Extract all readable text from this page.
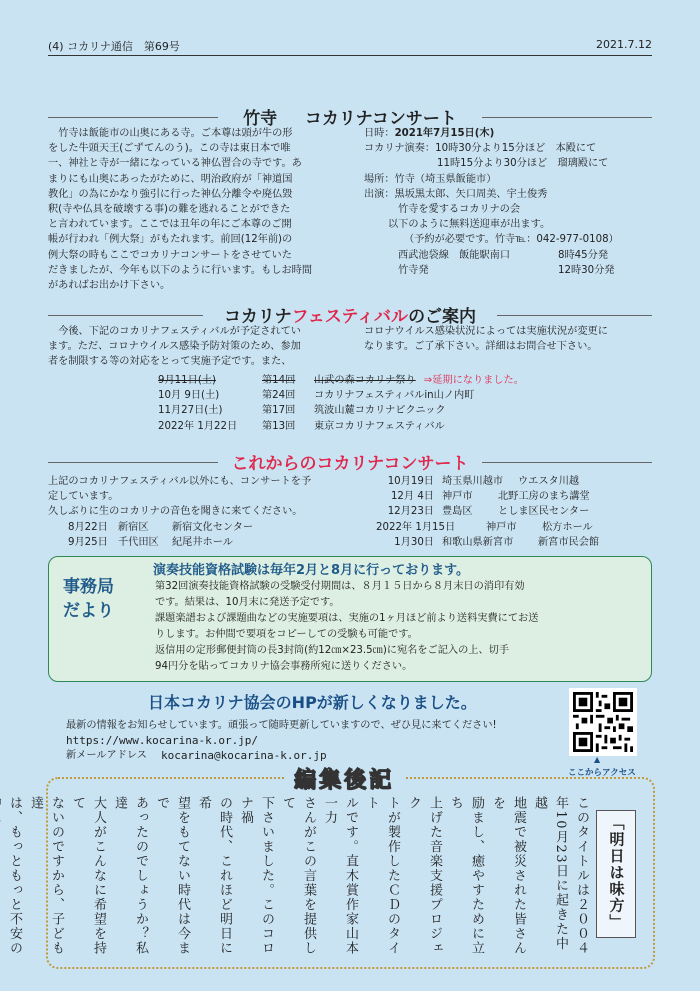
(4) コカリナ通信　第69号	2021.7.12
竹寺 コカリナコンサート
竹寺は飯能市の山奥にある寺。ご本尊は頭が牛の形
をした牛頭天王(ごずてんのう)。この寺は東日本で唯
一、神社と寺が一緒になっている神仏習合の寺です。あ
まりにも山奥にあったがために、明治政府が「神道国
教化」の為にかなり強引に行った神仏分離令や廃仏毀
釈(寺や仏具を破壊する事)の難を逃れることができた
と言われています。ここでは丑年の年にご本尊のご開
帳が行われ「例大祭」がもたれます。前回(12年前)の
例大祭の時もここでコカリナコンサートをさせていた
だきましたが、今年も以下のように行います。もしお時間
があればお出かけ下さい。
日時：2021年7月15日(木)
コカリナ演奏：10時30分より15分ほど　本殿にて
11時15分より30分ほど　瑠璃殿にて
場所：竹寺（埼玉県飯能市）
出演：黒坂黒太郎、矢口周美、宇土俊秀
竹寺を愛するコカリナの会
以下のように無料送迎車が出ます。
（予約が必要です。竹寺℡：042-977-0108）
西武池袋線　飯能駅南口	8時45分発
竹寺発	12時30分発
コカリナフェスティバルのご案内
今後、下記のコカリナフェスティバルが予定されてい
ます。ただ、コロナウイルス感染予防対策のため、参加
者を制限する等の対応をとって実施予定です。また、
コロナウイルス感染状況によっては実施状況が変更に
なります。ご了承下さい。詳細はお問合せ下さい。
9月11日(土)	第14回	山武の森コカリナ祭り ⇒延期になりました。
10月 9日(土)	第24回	コカリナフェスティバルin山ノ内町
11月27日(土)	第17回	筑波山麓コカリナピクニック
2022年 1月22日	第13回	東京コカリナフェスティバル
これからのコカリナコンサート
上記のコカリナフェスティバル以外にも、コンサートを予
定しています。
久しぶりに生のコカリナの音色を聞きに来てください。
8月22日 新宿区	新宿文化センター
9月25日 千代田区	紀尾井ホール
10月19日 埼玉県川越市	ウエスタ川越
12月 4日 神戸市	北野工房のまち講堂
12月23日 豊島区	としま区民センター
2022年 1月15日	神戸市	松方ホール
1月30日 和歌山県新宮市	新宮市民会館
事務局
だより
演奏技能資格試験は毎年2月と8月に行っております。
第32回演奏技能資格試験の受験受付期間は、８月１５日から８月末日の消印有効
です。結果は、10月末に発送予定です。
課題楽譜および課題曲などの実施要項は、実施の1ヶ月ほど前より送料実費にてお送
りします。お仲間で要項をコピーしての受験も可能です。
返信用の定形郵便封筒の長3封筒(約12㎝×23.5㎝)に宛名をご記入の上、切手
94円分を貼ってコカリナ協会事務所宛に送りください。
日本コカリナ協会のHPが新しくなりました。
最新の情報をお知らせしています。頑張って随時更新していますので、ぜひ見に来てください!
https://www.kocarina-k.or.jp/
新メールアドレス	kocarina@kocarina-k.or.jp	▲
ここからアクセス
編集後記
「明日は味方」
このタイトルは２００４
年10月23日に起きた中越
地震で被災された皆さんを
励まし、癒やすために立ち
上げた音楽支援プロジェク
トが製作したＣＤのタイト
ルです。直木賞作家山本一力
さんがこの言葉を提供して
下さいました。このコロナ禍
の時代、これほど明日に希
望をもてない時代は今まで
あったのでしょうか？私達
大人がこんなに希望を持て
ないのですから、子ども達
は、もっともっと不安の
